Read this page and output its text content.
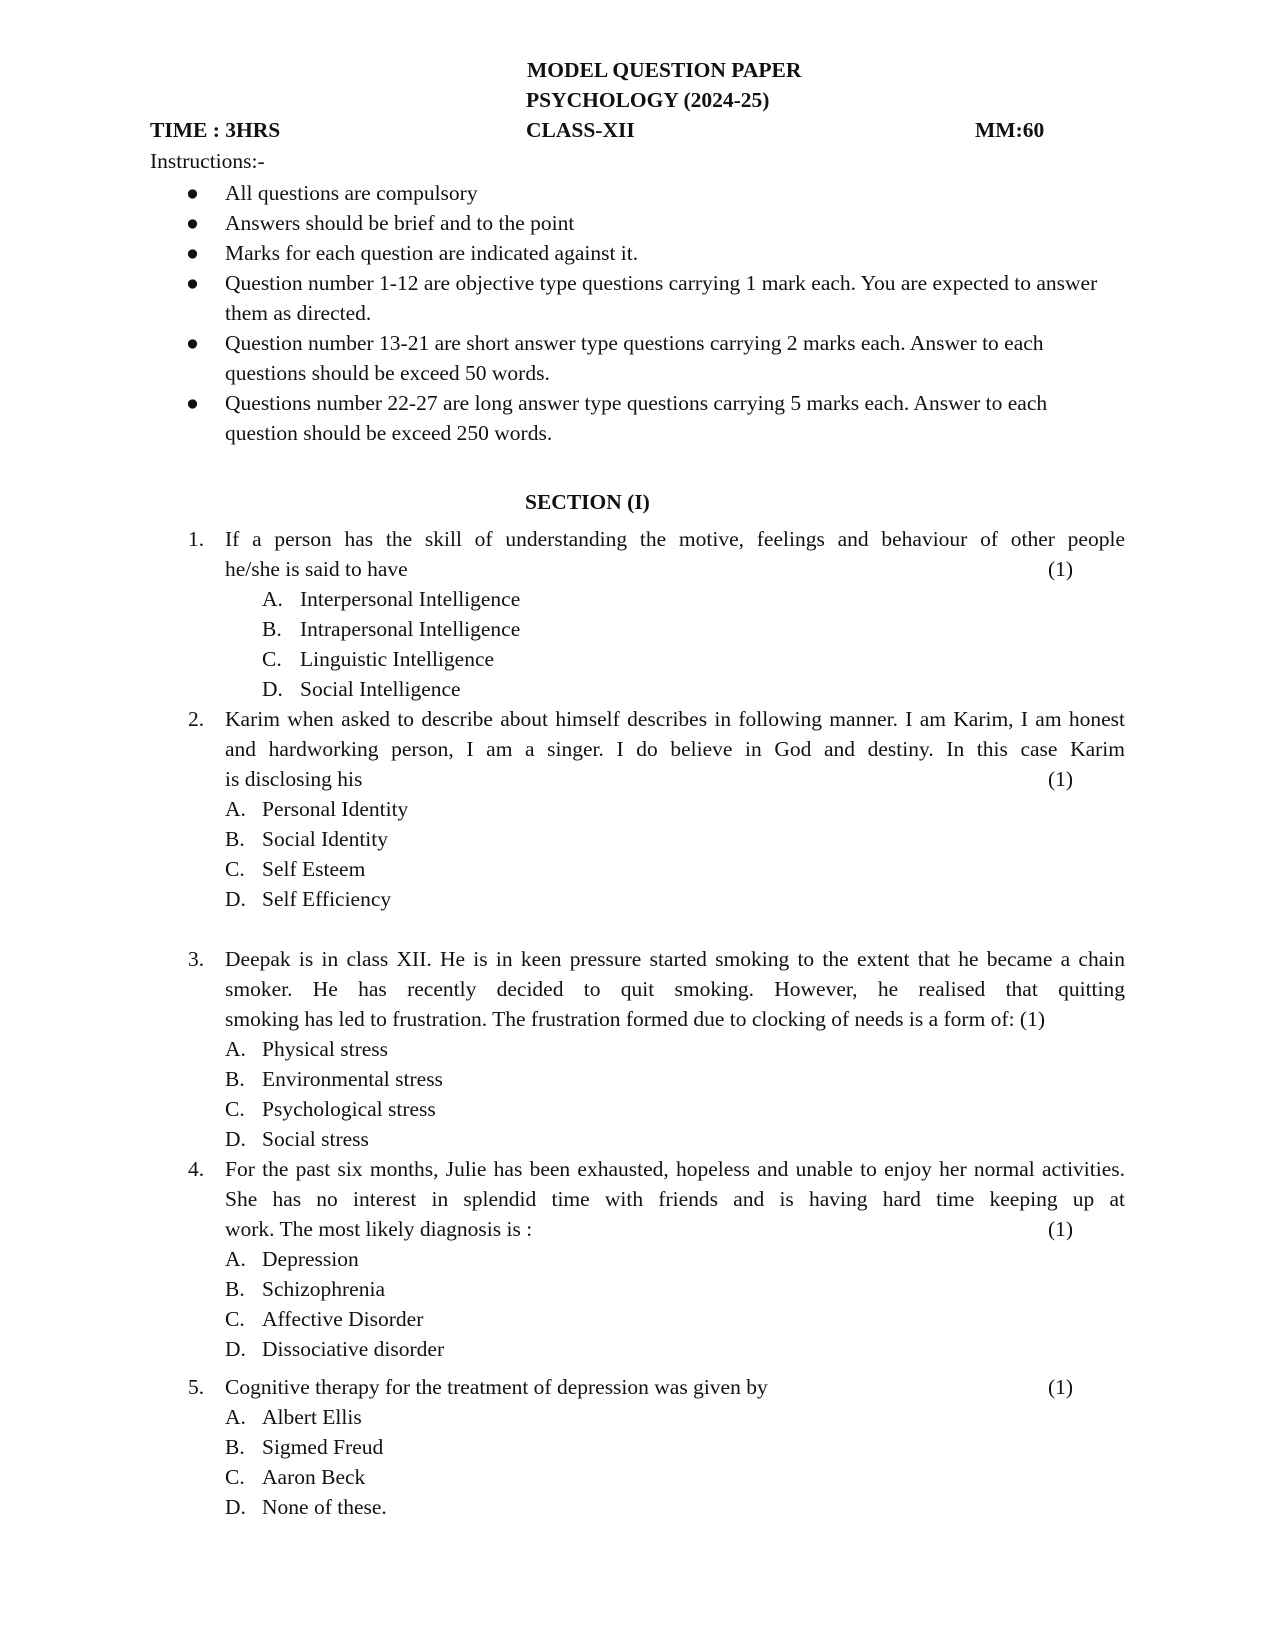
MODEL QUESTION PAPER
PSYCHOLOGY (2024-25)
TIME : 3HRS	CLASS-XII	MM:60
Instructions:-
● All questions are compulsory
● Answers should be brief and to the point
● Marks for each question are indicated against it.
● Question number 1-12 are objective type questions carrying 1 mark each. You are expected to answer them as directed.
● Question number 13-21 are short answer type questions carrying 2 marks each. Answer to each questions should be exceed 50 words.
● Questions number 22-27 are long answer type questions carrying 5 marks each. Answer to each question should be exceed 250 words.
SECTION (I)
1. If a person has the skill of understanding the motive, feelings and behaviour of other people
he/she is said to have	(1)
A. Interpersonal Intelligence
B. Intrapersonal Intelligence
C. Linguistic Intelligence
D. Social Intelligence
2. Karim when asked to describe about himself describes in following manner. I am Karim, I am honest and hardworking person, I am a singer. I do believe in God and destiny. In this case Karim
is disclosing his	(1)
A. Personal Identity
B. Social Identity
C. Self Esteem
D. Self Efficiency
3. Deepak is in class XII. He is in keen pressure started smoking to the extent that he became a chain smoker. He has recently decided to quit smoking. However, he realised that quitting
smoking has led to frustration. The frustration formed due to clocking of needs is a form of: (1)
A. Physical stress
B. Environmental stress
C. Psychological stress
D. Social stress
4. For the past six months, Julie has been exhausted, hopeless and unable to enjoy her normal activities. She has no interest in splendid time with friends and is having hard time keeping up at
work. The most likely diagnosis is :	(1)
A. Depression
B. Schizophrenia
C. Affective Disorder
D. Dissociative disorder
5. Cognitive therapy for the treatment of depression was given by	(1)
A. Albert Ellis
B. Sigmed Freud
C. Aaron Beck
D. None of these.
